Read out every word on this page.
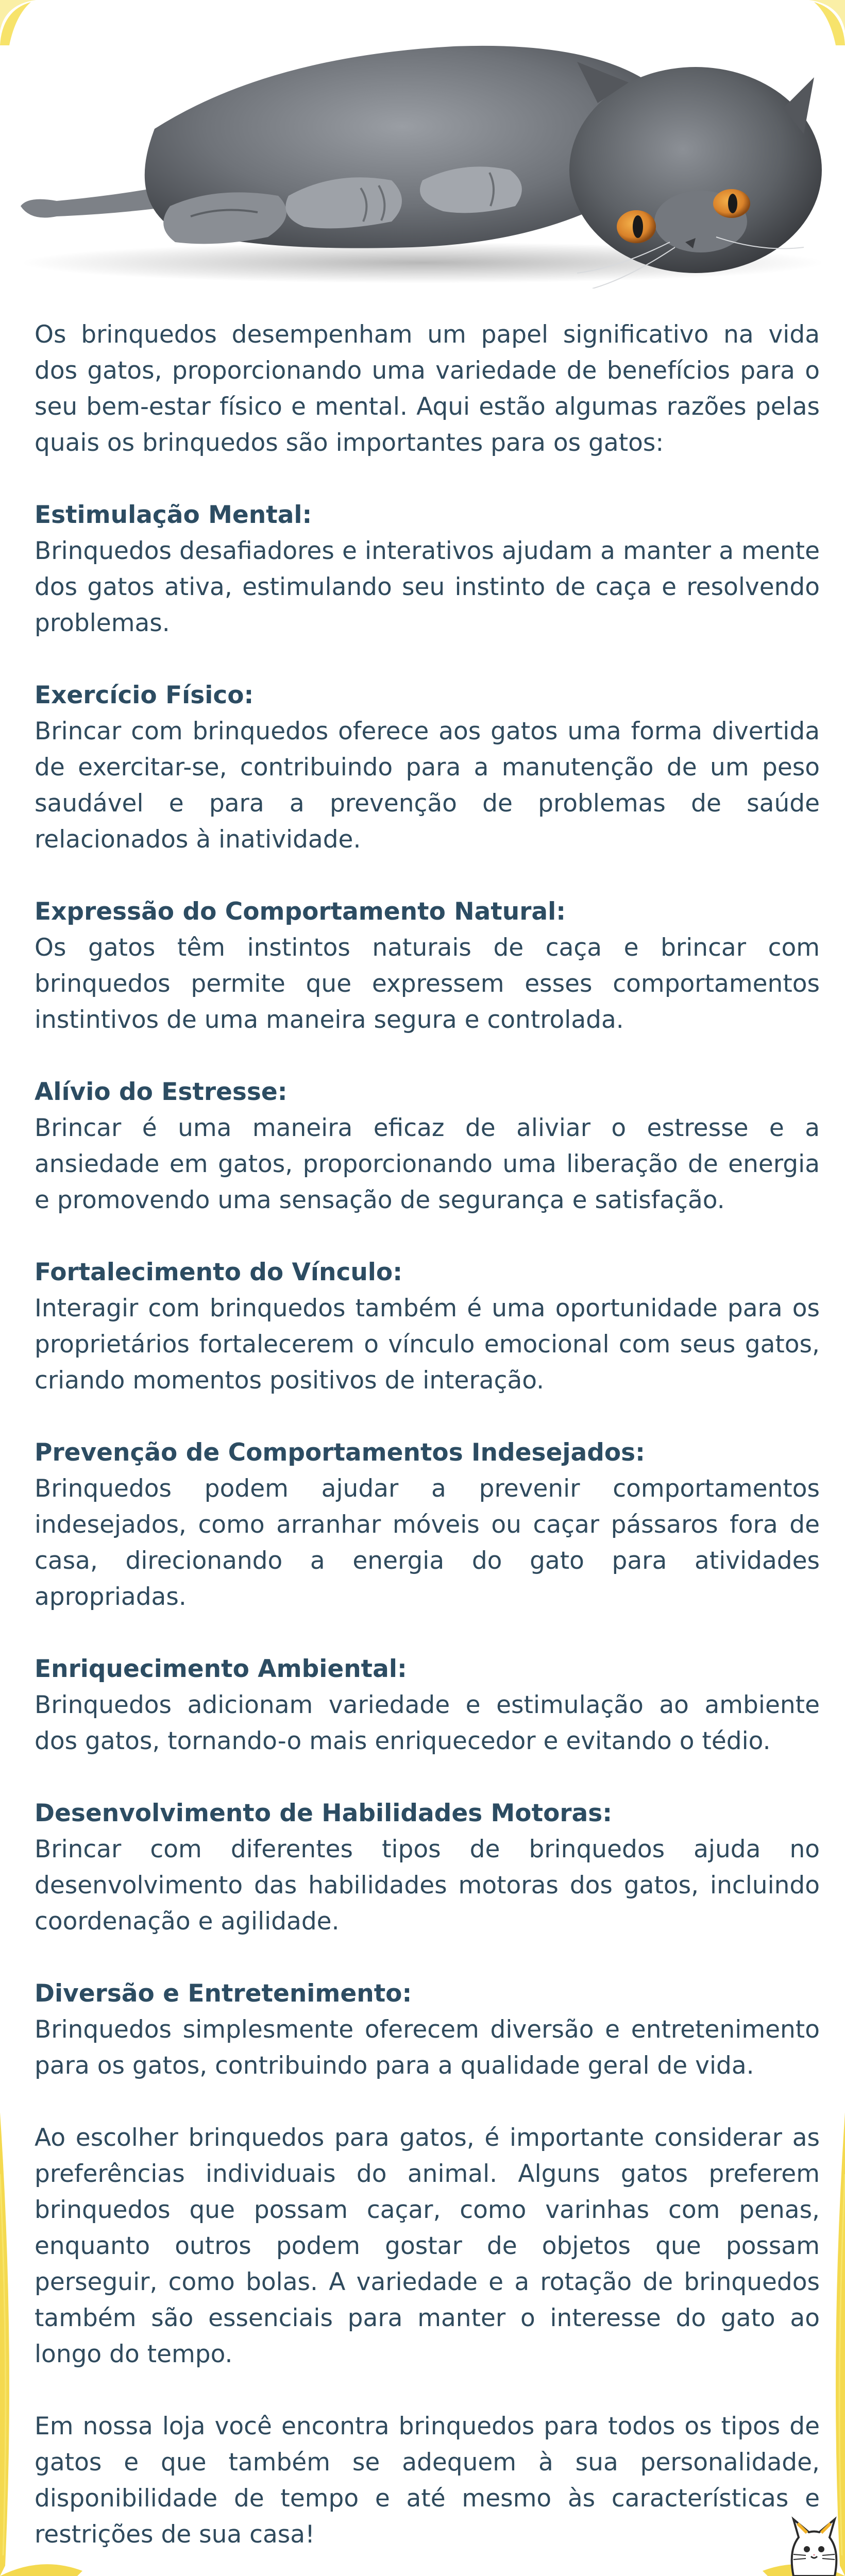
Os brinquedos desempenham um papel significativo na vida dos gatos, proporcionando uma variedade de benefícios para o seu bem-estar físico e mental. Aqui estão algumas razões pelas quais os brinquedos são importantes para os gatos:

Estimulação Mental:

Brinquedos desafiadores e interativos ajudam a manter a mente dos gatos ativa, estimulando seu instinto de caça e resolvendo problemas.

Exercício Físico:

Brincar com brinquedos oferece aos gatos uma forma divertida de exercitar-se, contribuindo para a manutenção de um peso saudável e para a prevenção de problemas de saúde relacionados à inatividade.

Expressão do Comportamento Natural:

Os gatos têm instintos naturais de caça e brincar com brinquedos permite que expressem esses comportamentos instintivos de uma maneira segura e controlada.

Alívio do Estresse:

Brincar é uma maneira eficaz de aliviar o estresse e a ansiedade em gatos, proporcionando uma liberação de energia e promovendo uma sensação de segurança e satisfação.

Fortalecimento do Vínculo:

Interagir com brinquedos também é uma oportunidade para os proprietários fortalecerem o vínculo emocional com seus gatos, criando momentos positivos de interação.

Prevenção de Comportamentos Indesejados:

Brinquedos podem ajudar a prevenir comportamentos indesejados, como arranhar móveis ou caçar pássaros fora de casa, direcionando a energia do gato para atividades apropriadas.

Enriquecimento Ambiental:

Brinquedos adicionam variedade e estimulação ao ambiente dos gatos, tornando-o mais enriquecedor e evitando o tédio.

Desenvolvimento de Habilidades Motoras:

Brincar com diferentes tipos de brinquedos ajuda no desenvolvimento das habilidades motoras dos gatos, incluindo coordenação e agilidade.

Diversão e Entretenimento:

Brinquedos simplesmente oferecem diversão e entretenimento para os gatos, contribuindo para a qualidade geral de vida.

Ao escolher brinquedos para gatos, é importante considerar as preferências individuais do animal. Alguns gatos preferem brinquedos que possam caçar, como varinhas com penas, enquanto outros podem gostar de objetos que possam perseguir, como bolas. A variedade e a rotação de brinquedos também são essenciais para manter o interesse do gato ao longo do tempo.

Em nossa loja você encontra brinquedos para todos os tipos de gatos e que também se adequem à sua personalidade, disponibilidade de tempo e até mesmo às características e restrições de sua casa!
